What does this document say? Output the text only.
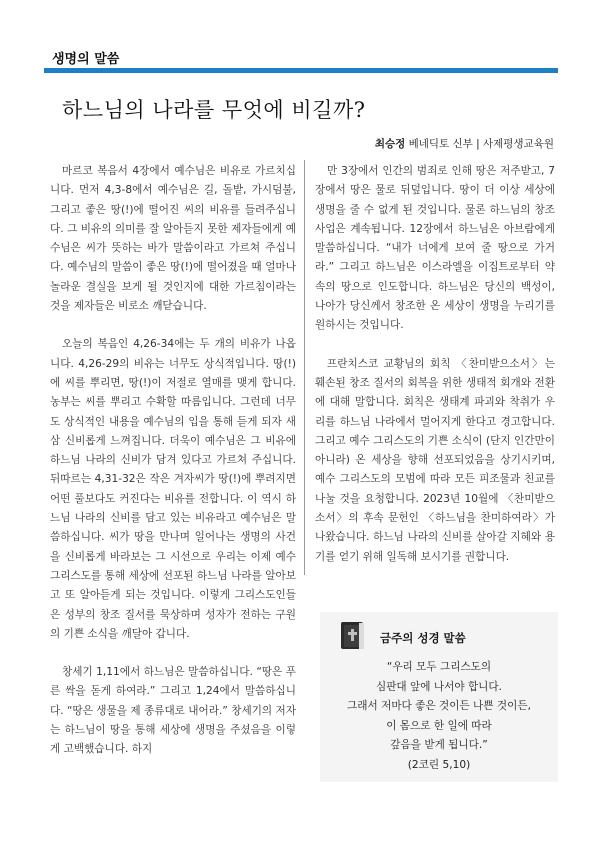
생명의 말씀
하느님의 나라를 무엇에 비길까?
최승정 베네딕토 신부 | 사제평생교육원

마르코 복음서 4장에서 예수님은 비유로 가르치십니다. 먼저 4,3-8에서 예수님은 길, 돌밭, 가시덤불, 그리고 좋은 땅(!)에 떨어진 씨의 비유를 들려주십니다. 그 비유의 의미를 잘 알아듣지 못한 제자들에게 예수님은 씨가 뜻하는 바가 말씀이라고 가르쳐 주십니다. 예수님의 말씀이 좋은 땅(!)에 떨어졌을 때 얼마나 놀라운 결실을 보게 될 것인지에 대한 가르침이라는 것을 제자들은 비로소 깨닫습니다.

오늘의 복음인 4,26-34에는 두 개의 비유가 나옵니다. 4,26-29의 비유는 너무도 상식적입니다. 땅(!)에 씨를 뿌리면, 땅(!)이 저절로 열매를 맺게 합니다. 농부는 씨를 뿌리고 수확할 따름입니다. 그런데 너무도 상식적인 내용을 예수님의 입을 통해 듣게 되자 새삼 신비롭게 느껴집니다. 더욱이 예수님은 그 비유에 하느님 나라의 신비가 담겨 있다고 가르쳐 주십니다. 뒤따르는 4,31-32은 작은 겨자씨가 땅(!)에 뿌려지면 어떤 풀보다도 커진다는 비유를 전합니다. 이 역시 하느님 나라의 신비를 담고 있는 비유라고 예수님은 말씀하십니다. 씨가 땅을 만나며 일어나는 생명의 사건을 신비롭게 바라보는 그 시선으로 우리는 이제 예수 그리스도를 통해 세상에 선포된 하느님 나라를 알아보고 또 알아듣게 되는 것입니다. 이렇게 그리스도인들은 성부의 창조 질서를 묵상하며 성자가 전하는 구원의 기쁜 소식을 깨달아 갑니다.

창세기 1,11에서 하느님은 말씀하십니다. “땅은 푸른 싹을 돋게 하여라.” 그리고 1,24에서 말씀하십니다. “땅은 생물을 제 종류대로 내어라.” 창세기의 저자는 하느님이 땅을 통해 세상에 생명을 주셨음을 이렇게 고백했습니다. 하지

만 3장에서 인간의 범죄로 인해 땅은 저주받고, 7장에서 땅은 물로 뒤덮입니다. 땅이 더 이상 세상에 생명을 줄 수 없게 된 것입니다. 물론 하느님의 창조 사업은 계속됩니다. 12장에서 하느님은 아브람에게 말씀하십니다. “내가 너에게 보여 줄 땅으로 가거라.” 그리고 하느님은 이스라엘을 이집트로부터 약속의 땅으로 인도합니다. 하느님은 당신의 백성이, 나아가 당신께서 창조한 온 세상이 생명을 누리기를 원하시는 것입니다.

프란치스코 교황님의 회칙 〈찬미받으소서〉는 훼손된 창조 질서의 회복을 위한 생태적 회개와 전환에 대해 말합니다. 회칙은 생태계 파괴와 착취가 우리를 하느님 나라에서 멀어지게 한다고 경고합니다. 그리고 예수 그리스도의 기쁜 소식이 (단지 인간만이 아니라) 온 세상을 향해 선포되었음을 상기시키며, 예수 그리스도의 모범에 따라 모든 피조물과 친교를 나눌 것을 요청합니다. 2023년 10월에 〈찬미받으소서〉의 후속 문헌인 〈하느님을 찬미하여라〉가 나왔습니다. 하느님 나라의 신비를 살아갈 지혜와 용기를 얻기 위해 일독해 보시기를 권합니다.

금주의 성경 말씀
“우리 모두 그리스도의
심판대 앞에 나서야 합니다.
그래서 저마다 좋은 것이든 나쁜 것이든,
이 몸으로 한 일에 따라
갚음을 받게 됩니다.”
(2코린 5,10)
